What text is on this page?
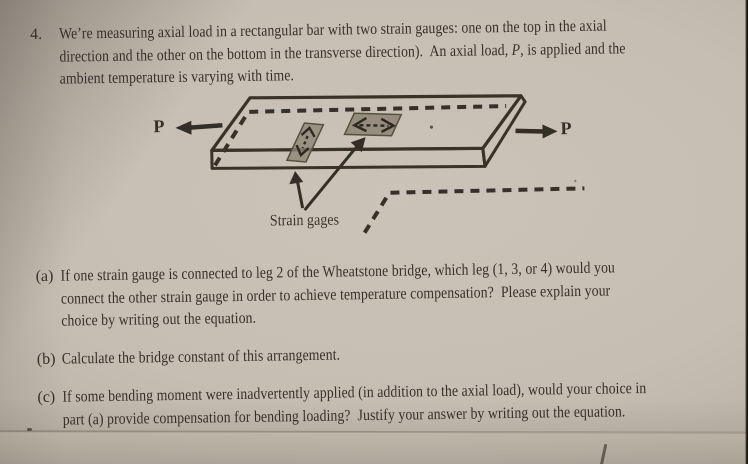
4.	We’re measuring axial load in a rectangular bar with two strain gauges: one on the top in the axial
direction and the other on the bottom in the transverse direction).  An axial load, P, is applied and the
ambient temperature is varying with time.
P	P
Strain gages
(a) If one strain gauge is connected to leg 2 of the Wheatstone bridge, which leg (1, 3, or 4) would you
connect the other strain gauge in order to achieve temperature compensation?  Please explain your
choice by writing out the equation.
(b) Calculate the bridge constant of this arrangement.
(c) If some bending moment were inadvertently applied (in addition to the axial load), would your choice in
part (a) provide compensation for bending loading?  Justify your answer by writing out the equation.
